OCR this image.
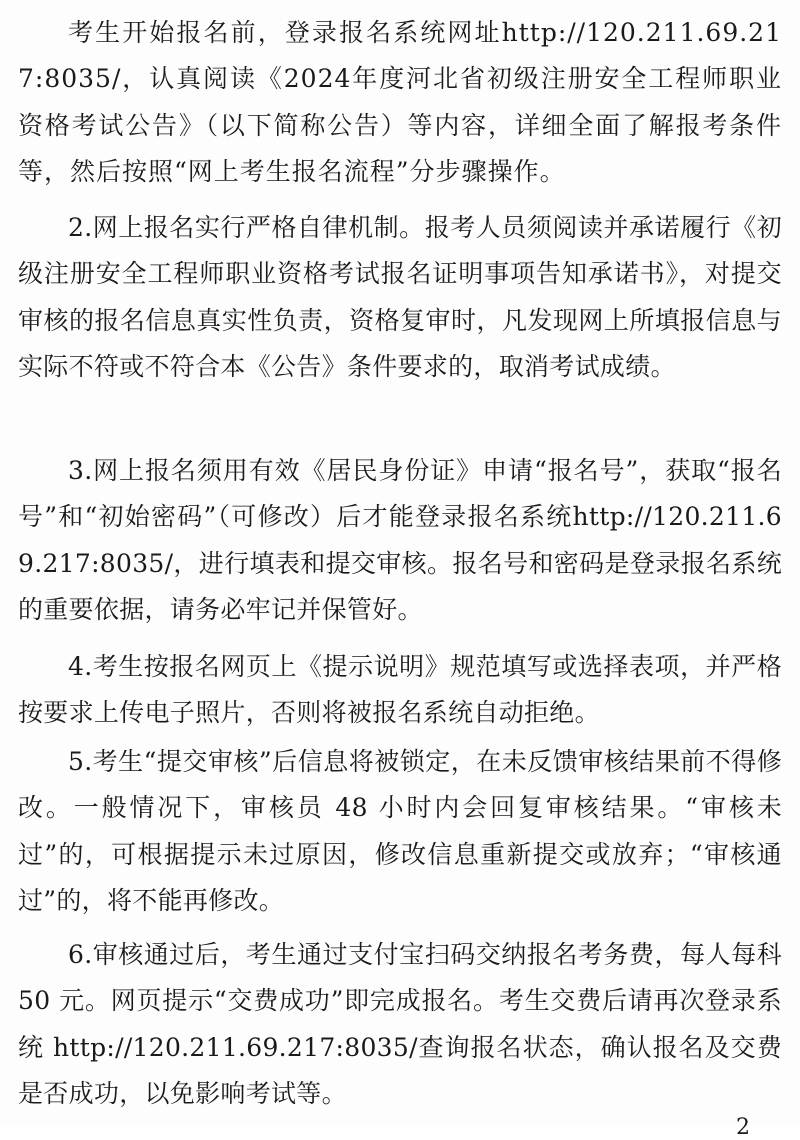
考生开始报名前，登录报名系统网址http://120.211.69.217:8035/，认真阅读《2024年度河北省初级注册安全工程师职业资格考试公告》（以下简称公告）等内容，详细全面了解报考条件等，然后按照“网上考生报名流程”分步骤操作。

2.网上报名实行严格自律机制。报考人员须阅读并承诺履行《初级注册安全工程师职业资格考试报名证明事项告知承诺书》，对提交审核的报名信息真实性负责，资格复审时，凡发现网上所填报信息与实际不符或不符合本《公告》条件要求的，取消考试成绩。

3.网上报名须用有效《居民身份证》申请“报名号”，获取“报名号”和“初始密码”（可修改）后才能登录报名系统http://120.211.69.217:8035/，进行填表和提交审核。报名号和密码是登录报名系统的重要依据，请务必牢记并保管好。

4.考生按报名网页上《提示说明》规范填写或选择表项，并严格按要求上传电子照片，否则将被报名系统自动拒绝。

5.考生“提交审核”后信息将被锁定，在未反馈审核结果前不得修改。一般情况下，审核员 48 小时内会回复审核结果。“审核未过”的，可根据提示未过原因，修改信息重新提交或放弃；“审核通过”的，将不能再修改。

6.审核通过后，考生通过支付宝扫码交纳报名考务费，每人每科 50 元。网页提示“交费成功”即完成报名。考生交费后请再次登录系统 http://120.211.69.217:8035/查询报名状态，确认报名及交费是否成功，以免影响考试等。

2
